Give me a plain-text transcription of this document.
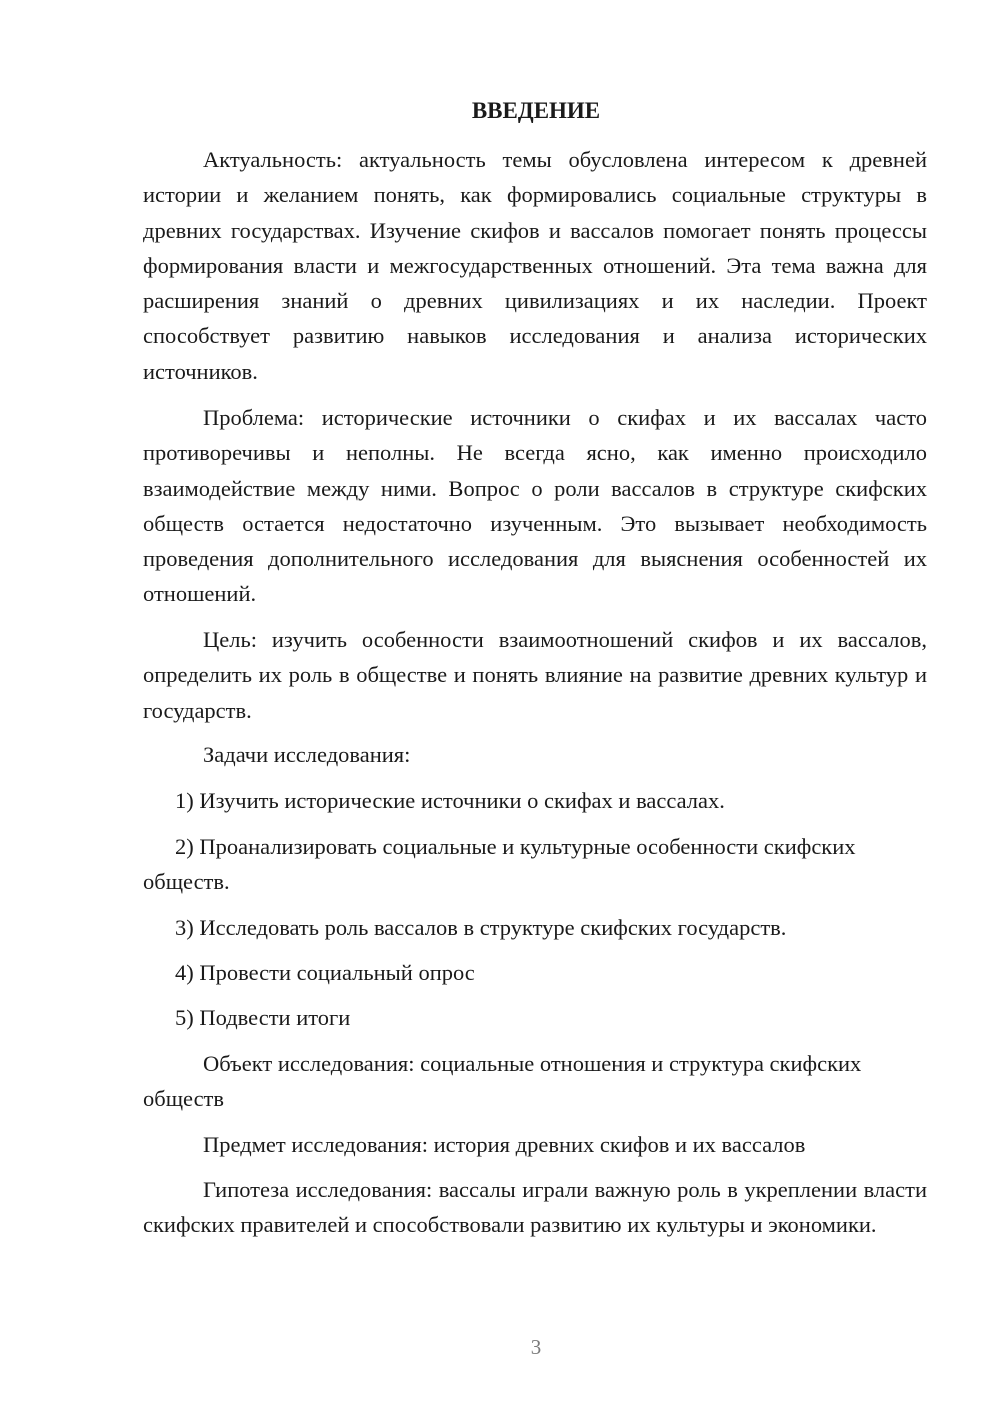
ВВЕДЕНИЕ

Актуальность: актуальность темы обусловлена интересом к древней истории и желанием понять, как формировались социальные структуры в древних государствах. Изучение скифов и вассалов помогает понять процессы формирования власти и межгосударственных отношений. Эта тема важна для расширения знаний о древних цивилизациях и их наследии. Проект способствует развитию навыков исследования и анализа исторических источников.

Проблема: исторические источники о скифах и их вассалах часто противоречивы и неполны. Не всегда ясно, как именно происходило взаимодействие между ними. Вопрос о роли вассалов в структуре скифских обществ остается недостаточно изученным. Это вызывает необходимость проведения дополнительного исследования для выяснения особенностей их отношений.

Цель: изучить особенности взаимоотношений скифов и их вассалов, определить их роль в обществе и понять влияние на развитие древних культур и государств.

Задачи исследования:

1) Изучить исторические источники о скифах и вассалах.

2) Проанализировать социальные и культурные особенности скифских обществ.

3) Исследовать роль вассалов в структуре скифских государств.

4) Провести социальный опрос

5) Подвести итоги

Объект исследования: социальные отношения и структура скифских обществ

Предмет исследования: история древних скифов и их вассалов

Гипотеза исследования: вассалы играли важную роль в укреплении власти скифских правителей и способствовали развитию их культуры и экономики.

3
